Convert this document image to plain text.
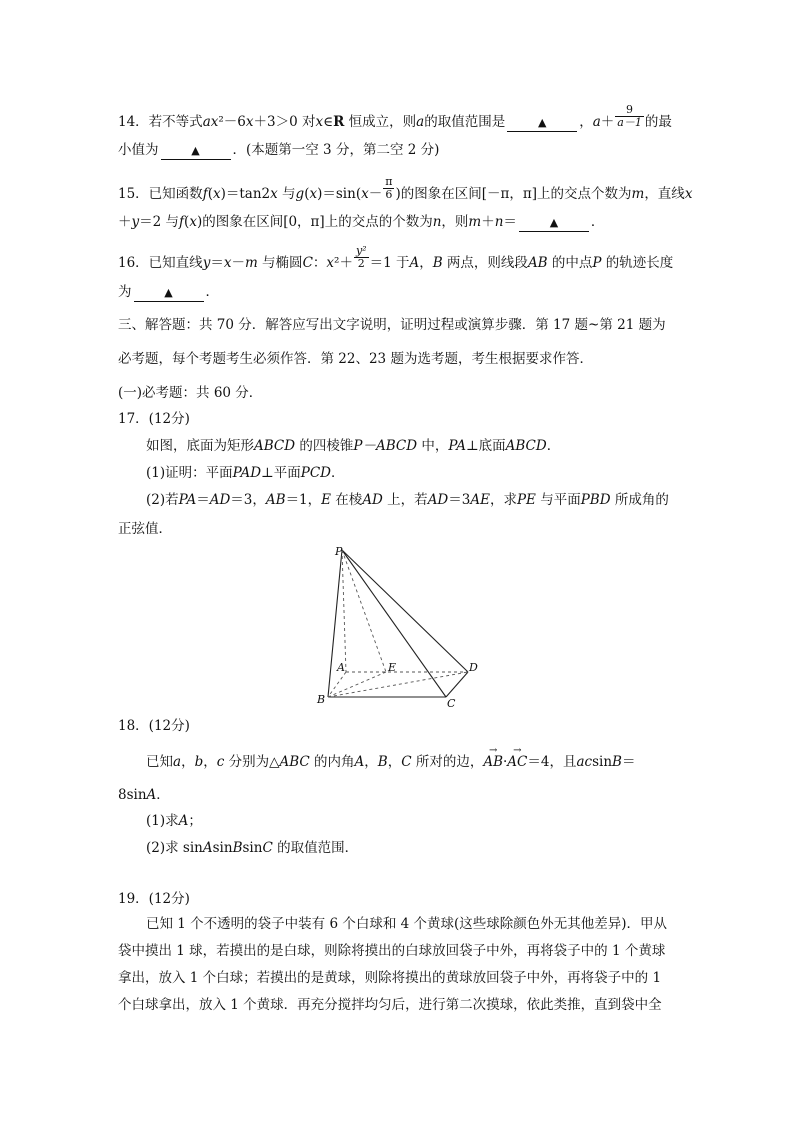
14．若不等式ax²－6x＋3＞0 对x∈R 恒成立，则a的取值范围是	▲ ，$a+ \frac{9}{a-1}$ 的最
小值为	▲ ．(本题第一空 3 分，第二空 2 分)
15．已知函数f(x)＝tan2x 与$g(x)=\sin(x- \frac{\pi}{6}$ )的图象在区间[－π，π]上的交点个数为m，直线x
＋y＝2 与f(x)的图象在区间[0，π]上的交点的个数为n，则m＋n＝	▲ ．
16．已知直线y＝x－m 与椭圆C：$x^2+ \frac{\text{y²}}{2} =1$ 于A，B 两点，则线段AB 的中点P 的轨迹长度
为	▲ ．
三、解答题：共 70 分．解答应写出文字说明，证明过程或演算步骤．第 17 题~第 21 题为
必考题，每个考题考生必须作答．第 22、23 题为选考题，考生根据要求作答．
(一)必考题：共 60 分．
17．(12分)
如图，底面为矩形ABCD 的四棱锥P－ABCD 中，PA⊥底面ABCD．
(1)证明：平面PAD⊥平面PCD．
(2)若PA＝AD＝3，AB＝1，E 在棱AD 上，若AD＝3AE，求PE 与平面PBD 所成角的
正弦值．
P
A	E	D
B	C
18．(12分)
已知a，b，c 分别为△ABC 的内角A，B，C 所对的边，→ AB·→ AC＝4，且acsinB＝
8sinA．
(1)求A；
(2)求 sinAsinBsinC 的取值范围．
19．(12分)
已知 1 个不透明的袋子中装有 6 个白球和 4 个黄球(这些球除颜色外无其他差异)．甲从
袋中摸出 1 球，若摸出的是白球，则除将摸出的白球放回袋子中外，再将袋子中的 1 个黄球
拿出，放入 1 个白球；若摸出的是黄球，则除将摸出的黄球放回袋子中外，再将袋子中的 1
个白球拿出，放入 1 个黄球．再充分搅拌均匀后，进行第二次摸球，依此类推，直到袋中全
